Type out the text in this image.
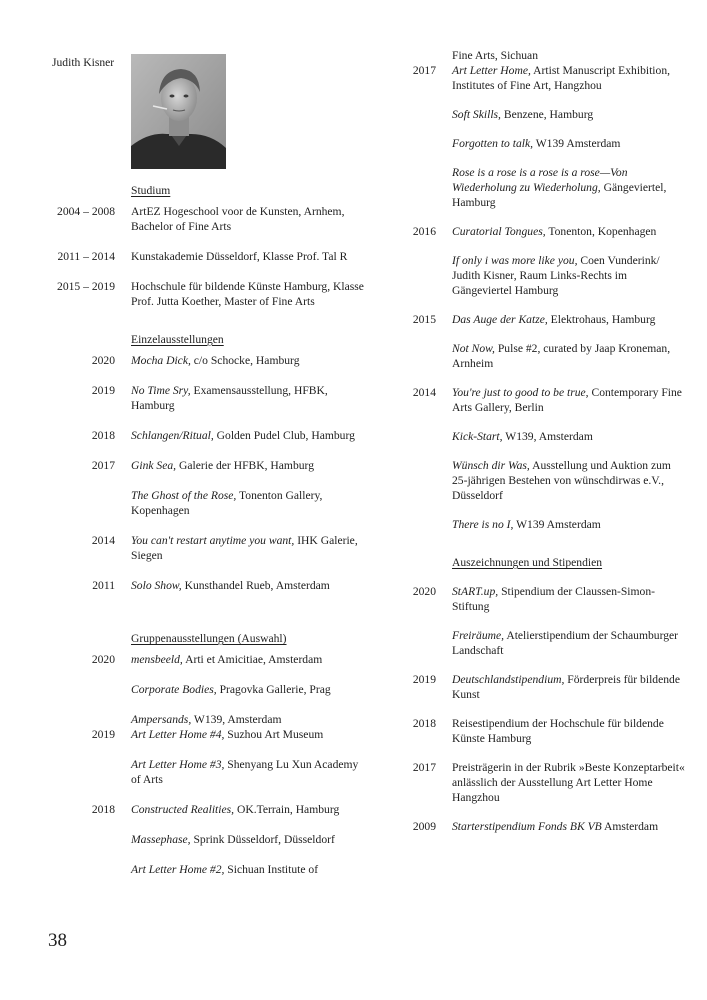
Judith Kisner
Studium
2004 – 2008 ArtEZ Hogeschool voor de Kunsten, Arnhem, Bachelor of Fine Arts
2011 – 2014 Kunstakademie Düsseldorf, Klasse Prof. Tal R
2015 – 2019 Hochschule für bildende Künste Hamburg, Klasse Prof. Jutta Koether, Master of Fine Arts
Einzelausstellungen
2020 Mocha Dick, c/o Schocke, Hamburg
2019 No Time Sry, Examensausstellung, HFBK, Hamburg
2018 Schlangen/Ritual, Golden Pudel Club, Hamburg
2017 Gink Sea, Galerie der HFBK, Hamburg
The Ghost of the Rose, Tonenton Gallery, Kopenhagen
2014 You can't restart anytime you want, IHK Galerie, Siegen
2011 Solo Show, Kunsthandel Rueb, Amsterdam
Gruppenausstellungen (Auswahl)
2020 mensbeeld, Arti et Amicitiae, Amsterdam
Corporate Bodies, Pragovka Gallerie, Prag
Ampersands, W139, Amsterdam
2019 Art Letter Home #4, Suzhou Art Museum
Art Letter Home #3, Shenyang Lu Xun Academy of Arts
2018 Constructed Realities, OK.Terrain, Hamburg
Massephase, Sprink Düsseldorf, Düsseldorf
Art Letter Home #2, Sichuan Institute of
Fine Arts, Sichuan
2017 Art Letter Home, Artist Manuscript Exhibition, Institutes of Fine Art, Hangzhou
Soft Skills, Benzene, Hamburg
Forgotten to talk, W139 Amsterdam
Rose is a rose is a rose is a rose—Von Wiederholung zu Wiederholung, Gängeviertel, Hamburg
2016 Curatorial Tongues, Tonenton, Kopenhagen
If only i was more like you, Coen Vunderink/ Judith Kisner, Raum Links-Rechts im Gängeviertel Hamburg
2015 Das Auge der Katze, Elektrohaus, Hamburg
Not Now, Pulse #2, curated by Jaap Kroneman, Arnheim
2014 You're just to good to be true, Contemporary Fine Arts Gallery, Berlin
Kick-Start, W139, Amsterdam
Wünsch dir Was, Ausstellung und Auktion zum 25-jährigen Bestehen von wünschdirwas e.V., Düsseldorf
There is no I, W139 Amsterdam
Auszeichnungen und Stipendien
2020 StART.up, Stipendium der Claussen-Simon-Stiftung
Freiräume, Atelierstipendium der Schaumburger Landschaft
2019 Deutschlandstipendium, Förderpreis für bildende Kunst
2018 Reisestipendium der Hochschule für bildende Künste Hamburg
2017 Preisträgerin in der Rubrik »Beste Konzeptarbeit« anlässlich der Ausstellung Art Letter Home Hangzhou
2009 Starterstipendium Fonds BK VB Amsterdam
38
